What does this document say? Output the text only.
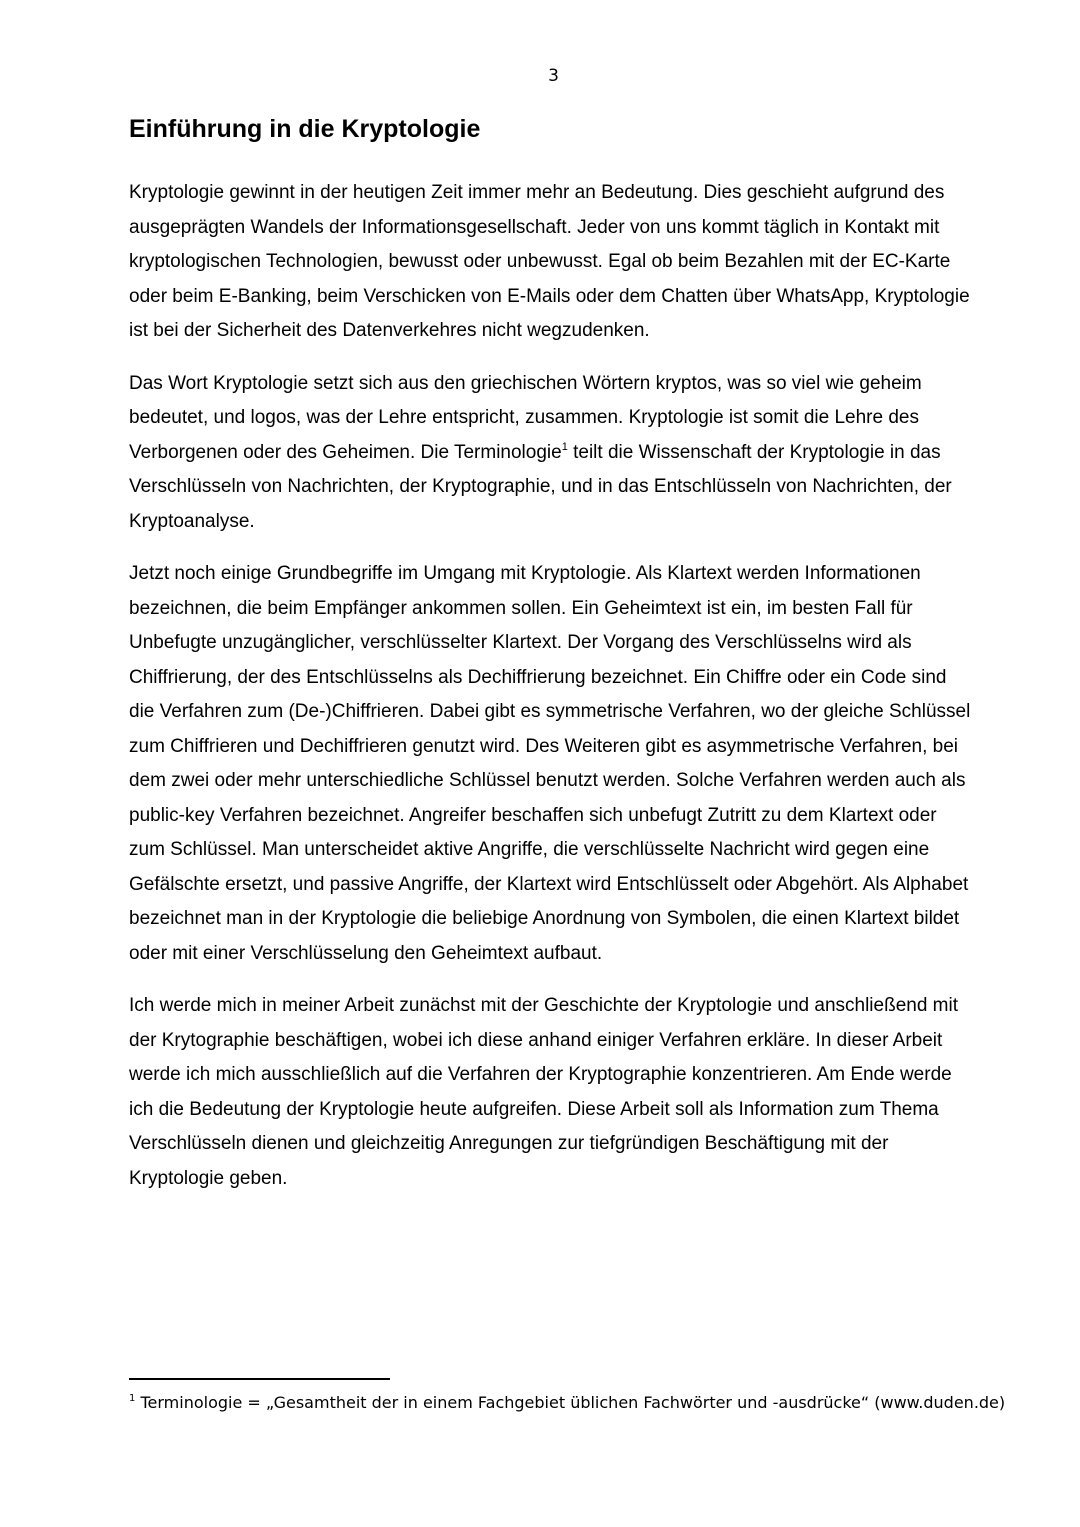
3
Einführung in die Kryptologie

Kryptologie gewinnt in der heutigen Zeit immer mehr an Bedeutung. Dies geschieht aufgrund des ausgeprägten Wandels der Informationsgesellschaft. Jeder von uns kommt täglich in Kontakt mit kryptologischen Technologien, bewusst oder unbewusst. Egal ob beim Bezahlen mit der EC-Karte oder beim E-Banking, beim Verschicken von E-Mails oder dem Chatten über WhatsApp, Kryptologie ist bei der Sicherheit des Datenverkehres nicht wegzudenken.

Das Wort Kryptologie setzt sich aus den griechischen Wörtern kryptos, was so viel wie geheim bedeutet, und logos, was der Lehre entspricht, zusammen. Kryptologie ist somit die Lehre des Verborgenen oder des Geheimen. Die Terminologie$^1$ teilt die Wissenschaft der Kryptologie in das Verschlüsseln von Nachrichten, der Kryptographie, und in das Entschlüsseln von Nachrichten, der Kryptoanalyse.

Jetzt noch einige Grundbegriffe im Umgang mit Kryptologie. Als Klartext werden Informationen bezeichnen, die beim Empfänger ankommen sollen. Ein Geheimtext ist ein, im besten Fall für Unbefugte unzugänglicher, verschlüsselter Klartext. Der Vorgang des Verschlüsselns wird als Chiffrierung, der des Entschlüsselns als Dechiffrierung bezeichnet. Ein Chiffre oder ein Code sind die Verfahren zum (De-)Chiffrieren. Dabei gibt es symmetrische Verfahren, wo der gleiche Schlüssel zum Chiffrieren und Dechiffrieren genutzt wird. Des Weiteren gibt es asymmetrische Verfahren, bei dem zwei oder mehr unterschiedliche Schlüssel benutzt werden. Solche Verfahren werden auch als public-key Verfahren bezeichnet. Angreifer beschaffen sich unbefugt Zutritt zu dem Klartext oder zum Schlüssel. Man unterscheidet aktive Angriffe, die verschlüsselte Nachricht wird gegen eine Gefälschte ersetzt, und passive Angriffe, der Klartext wird Entschlüsselt oder Abgehört. Als Alphabet bezeichnet man in der Kryptologie die beliebige Anordnung von Symbolen, die einen Klartext bildet oder mit einer Verschlüsselung den Geheimtext aufbaut.

Ich werde mich in meiner Arbeit zunächst mit der Geschichte der Kryptologie und anschließend mit der Krytographie beschäftigen, wobei ich diese anhand einiger Verfahren erkläre. In dieser Arbeit werde ich mich ausschließlich auf die Verfahren der Kryptographie konzentrieren. Am Ende werde ich die Bedeutung der Kryptologie heute aufgreifen. Diese Arbeit soll als Information zum Thema Verschlüsseln dienen und gleichzeitig Anregungen zur tiefgründigen Beschäftigung mit der Kryptologie geben.

$^1$ Terminologie = „Gesamtheit der in einem Fachgebiet üblichen Fachwörter und -ausdrücke“ (www.duden.de)
